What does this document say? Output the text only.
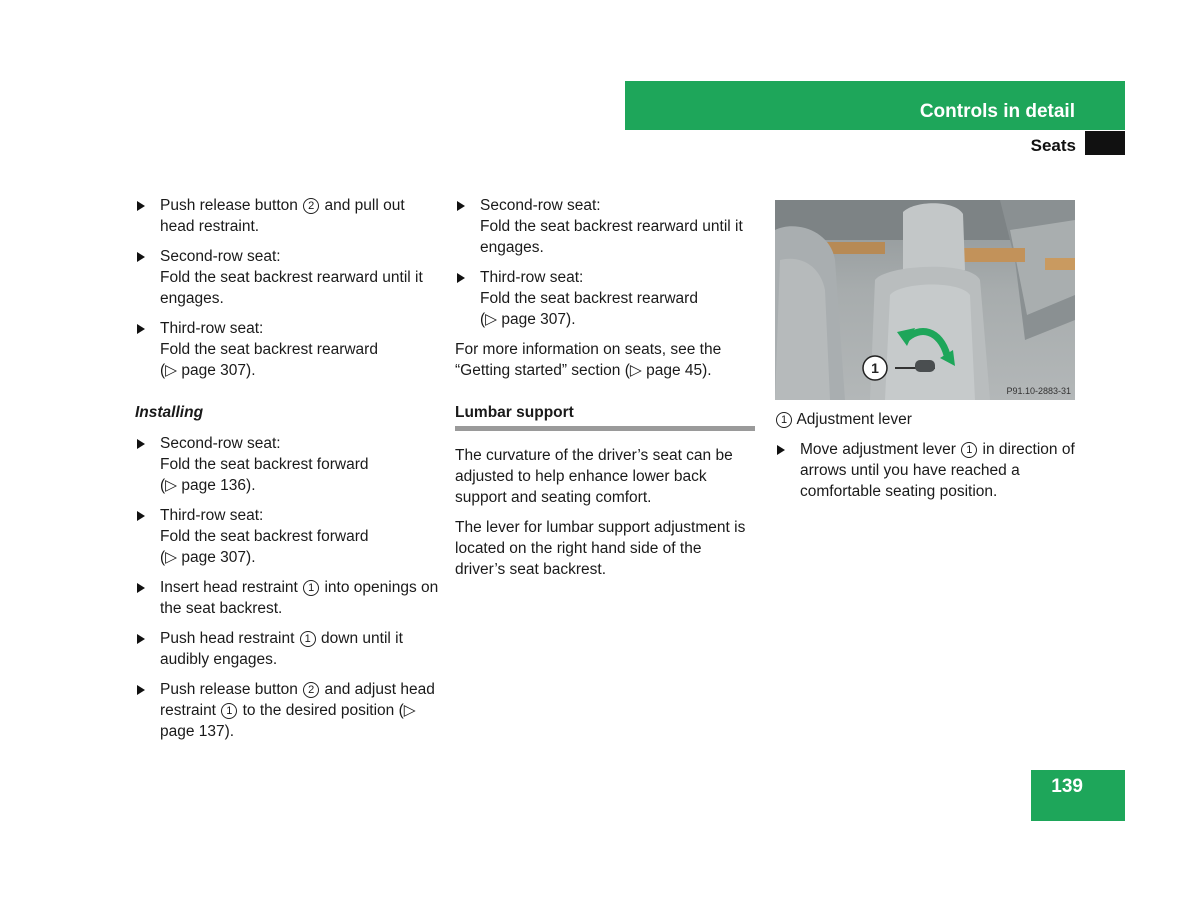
Controls in detail
Seats
Push release button 2 and pull out head restraint.
Second-row seat:
Fold the seat backrest rearward until it engages.
Third-row seat:
Fold the seat backrest rearward
(▷ page 307).
Installing
Second-row seat:
Fold the seat backrest forward
(▷ page 136).
Third-row seat:
Fold the seat backrest forward
(▷ page 307).
Insert head restraint 1 into openings on the seat backrest.
Push head restraint 1 down until it audibly engages.
Push release button 2 and adjust head restraint 1 to the desired position (▷ page 137).
Second-row seat:
Fold the seat backrest rearward until it engages.
Third-row seat:
Fold the seat backrest rearward
(▷ page 307).
For more information on seats, see the “Getting started” section (▷ page 45).
Lumbar support
The curvature of the driver’s seat can be adjusted to help enhance lower back support and seating comfort.
The lever for lumbar support adjustment is located on the right hand side of the driver’s seat backrest.
1
P91.10-2883-31
1 Adjustment lever
Move adjustment lever 1 in direction of arrows until you have reached a comfortable seating position.
139
